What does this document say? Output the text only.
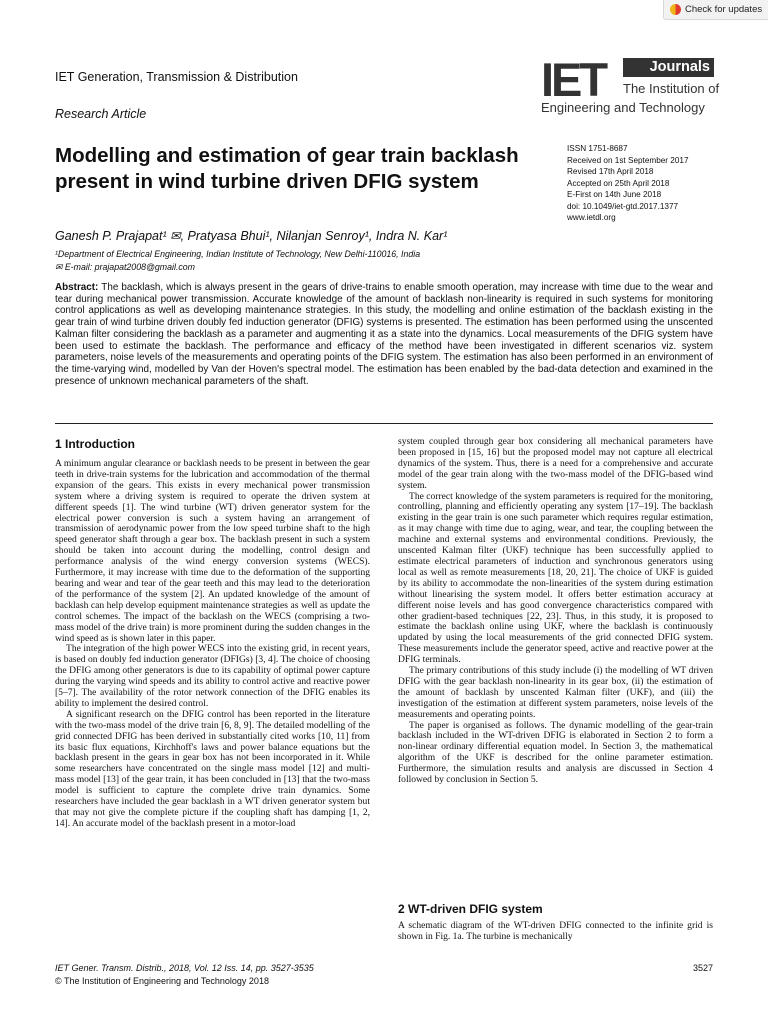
Check for updates
IET Generation, Transmission & Distribution
Research Article
IET	Journals
The Institution of
Engineering and Technology
Modelling and estimation of gear train backlash present in wind turbine driven DFIG system
ISSN 1751-8687
Received on 1st September 2017
Revised 17th April 2018
Accepted on 25th April 2018
E-First on 14th June 2018
doi: 10.1049/iet-gtd.2017.1377
www.ietdl.org
Ganesh P. Prajapat¹ ✉, Pratyasa Bhui¹, Nilanjan Senroy¹, Indra N. Kar¹
¹Department of Electrical Engineering, Indian Institute of Technology, New Delhi-110016, India
✉ E-mail: prajapat2008@gmail.com
Abstract: The backlash, which is always present in the gears of drive-trains to enable smooth operation, may increase with time due to the wear and tear during mechanical power transmission. Accurate knowledge of the amount of backlash non-linearity is required in such systems for monitoring control applications as well as developing maintenance strategies. In this study, the modelling and online estimation of the backlash existing in the gear train of wind turbine driven doubly fed induction generator (DFIG) systems is presented. The estimation has been performed using the unscented Kalman filter considering the backlash as a parameter and augmenting it as a state into the dynamics. Local measurements of the DFIG system have been used to estimate the backlash. The performance and efficacy of the method have been investigated in different scenarios viz. system parameters, noise levels of the measurements and operating points of the DFIG system. The estimation has also been performed in an environment of the time-varying wind, modelled by Van der Hoven's spectral model. The estimation has been enabled by the bad-data detection and examined in the presence of unknown mechanical parameters of the shaft.
1 Introduction

A minimum angular clearance or backlash needs to be present in between the gear teeth in drive-train systems for the lubrication and accommodation of the thermal expansion of the gears. This exists in every mechanical power transmission system where a driving system is required to operate the driven system at different speeds [1]. The wind turbine (WT) driven generator system for the electrical power conversion is such a system having an arrangement of transmission of aerodynamic power from the low speed turbine shaft to the high speed generator shaft through a gear box. The backlash present in such a system should be taken into account during the modelling, control design and performance analysis of the wind energy conversion systems (WECS). Furthermore, it may increase with time due to the deformation of the supporting bearing and wear and tear of the gear teeth and this may lead to the deterioration of the performance of the system [2]. An updated knowledge of the amount of backlash can help develop equipment maintenance strategies as well as update the control schemes. The impact of the backlash on the WECS (comprising a two-mass model of the drive train) is more prominent during the sudden changes in the wind speed as is shown later in this paper.

The integration of the high power WECS into the existing grid, in recent years, is based on doubly fed induction generator (DFIGs) [3, 4]. The choice of choosing the DFIG among other generators is due to its capability of optimal power capture during the varying wind speeds and its ability to control active and reactive power [5–7]. The availability of the rotor network connection of the DFIG enables its ability to implement the desired control.

A significant research on the DFIG control has been reported in the literature with the two-mass model of the drive train [6, 8, 9]. The detailed modelling of the grid connected DFIG has been derived in substantially cited works [10, 11] from its basic flux equations, Kirchhoff's laws and power balance equations but the backlash present in the gears in gear box has not been incorporated in it. While some researchers have concentrated on the single mass model [12] and multi-mass model [13] of the gear train, it has been concluded in [13] that the two-mass model is sufficient to capture the complete drive train dynamics. Some researchers have included the gear backlash in a WT driven generator system but that may not give the complete picture if the coupling shaft has damping [1, 2, 14]. An accurate model of the backlash present in a motor-load

system coupled through gear box considering all mechanical parameters have been proposed in [15, 16] but the proposed model may not capture all electrical dynamics of the system. Thus, there is a need for a comprehensive and accurate model of the gear train along with the two-mass model of the DFIG-based wind system.

The correct knowledge of the system parameters is required for the monitoring, controlling, planning and efficiently operating any system [17–19]. The backlash existing in the gear train is one such parameter which requires regular estimation, as it may change with time due to aging, wear, and tear, the coupling between the machine and external systems and environmental conditions. Previously, the unscented Kalman filter (UKF) technique has been successfully applied to estimate electrical parameters of induction and synchronous generators using local as well as remote measurements [18, 20, 21]. The choice of UKF is guided by its ability to accommodate the non-linearities of the system during estimation without linearising the system model. It offers better estimation accuracy at different noise levels and has good convergence characteristics compared with other gradient-based techniques [22, 23]. Thus, in this study, it is proposed to estimate the backlash online using UKF, where the backlash is continuously updated by using the local measurements of the grid connected DFIG system. These measurements include the generator speed, active and reactive power at the DFIG terminals.

The primary contributions of this study include (i) the modelling of WT driven DFIG with the gear backlash non-linearity in its gear box, (ii) the estimation of the amount of backlash by unscented Kalman filter (UKF), and (iii) the investigation of the estimation at different system parameters, noise levels of the measurements and operating points.

The paper is organised as follows. The dynamic modelling of the gear-train backlash included in the WT-driven DFIG is elaborated in Section 2 to form a non-linear ordinary differential equation model. In Section 3, the mathematical algorithm of the UKF is described for the online parameter estimation. Furthermore, the simulation results and analysis are discussed in Section 4 followed by conclusion in Section 5.

2 WT-driven DFIG system

A schematic diagram of the WT-driven DFIG connected to the infinite grid is shown in Fig. 1a. The turbine is mechanically

IET Gener. Transm. Distrib., 2018, Vol. 12 Iss. 14, pp. 3527-3535
© The Institution of Engineering and Technology 2018
3527
